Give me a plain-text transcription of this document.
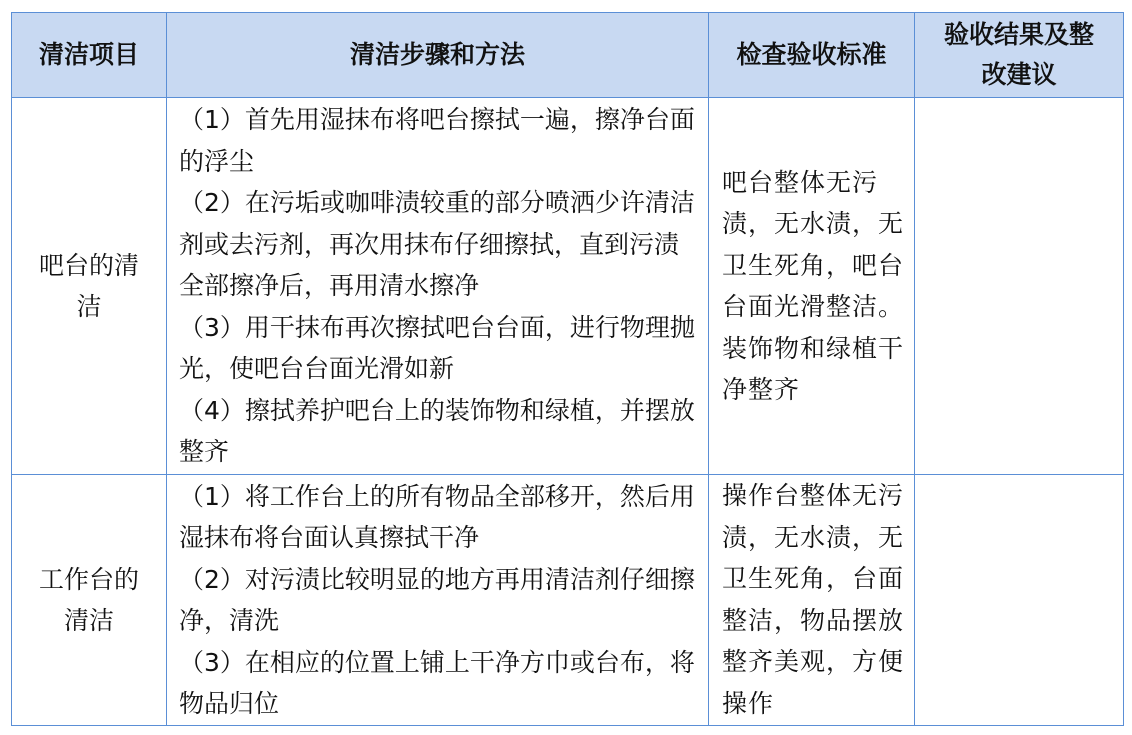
清洁项目	清洁步骤和方法	检查验收标准	验收结果及整改建议
吧台的清洁	（1）首先用湿抹布将吧台擦拭一遍，擦净台面的浮尘
（2）在污垢或咖啡渍较重的部分喷洒少许清洁剂或去污剂，再次用抹布仔细擦拭，直到污渍全部擦净后，再用清水擦净
（3）用干抹布再次擦拭吧台台面，进行物理抛光，使吧台台面光滑如新
（4）擦拭养护吧台上的装饰物和绿植，并摆放整齐	吧台整体无污渍，无水渍，无卫生死角，吧台台面光滑整洁。装饰物和绿植干净整齐	
工作台的清洁	（1）将工作台上的所有物品全部移开，然后用湿抹布将台面认真擦拭干净
（2）对污渍比较明显的地方再用清洁剂仔细擦净，清洗
（3）在相应的位置上铺上干净方巾或台布，将物品归位	操作台整体无污渍，无水渍，无卫生死角，台面整洁，物品摆放整齐美观，方便操作	
